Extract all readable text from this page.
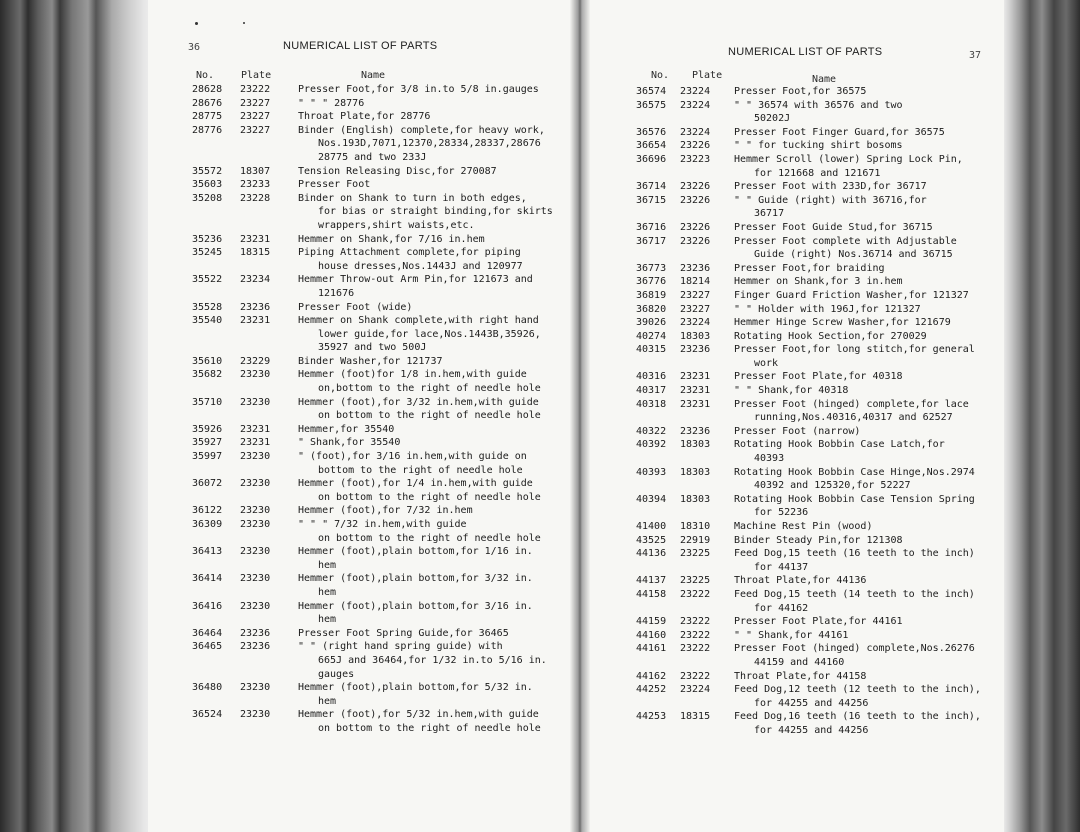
36	NUMERICAL LIST OF PARTS
No.	Plate	Name
28628	23222	Presser Foot,for 3/8 in.to 5/8 in.gauges
28676	23227	" " " 28776
28775	23227	Throat Plate,for 28776
28776	23227	Binder (English) complete,for heavy work,
Nos.193D,7071,12370,28334,28337,28676
28775 and two 233J
35572	18307	Tension Releasing Disc,for 270087
35603	23233	Presser Foot
35208	23228	Binder on Shank to turn in both edges,
for bias or straight binding,for skirts
wrappers,shirt waists,etc.
35236	23231	Hemmer on Shank,for 7/16 in.hem
35245	18315	Piping Attachment complete,for piping
house dresses,Nos.1443J and 120977
35522	23234	Hemmer Throw-out Arm Pin,for 121673 and
121676
35528	23236	Presser Foot (wide)
35540	23231	Hemmer on Shank complete,with right hand
lower guide,for lace,Nos.1443B,35926,
35927 and two 500J
35610	23229	Binder Washer,for 121737
35682	23230	Hemmer (foot)for 1/8 in.hem,with guide
on,bottom to the right of needle hole
35710	23230	Hemmer (foot),for 3/32 in.hem,with guide
on bottom to the right of needle hole
35926	23231	Hemmer,for 35540
35927	23231	" Shank,for 35540
35997	23230	" (foot),for 3/16 in.hem,with guide on
bottom to the right of needle hole
36072	23230	Hemmer (foot),for 1/4 in.hem,with guide
on bottom to the right of needle hole
36122	23230	Hemmer (foot),for 7/32 in.hem
36309	23230	" " " 7/32 in.hem,with guide
on bottom to the right of needle hole
36413	23230	Hemmer (foot),plain bottom,for 1/16 in.
hem
36414	23230	Hemmer (foot),plain bottom,for 3/32 in.
hem
36416	23230	Hemmer (foot),plain bottom,for 3/16 in.
hem
36464	23236	Presser Foot Spring Guide,for 36465
36465	23236	" " (right hand spring guide) with
665J and 36464,for 1/32 in.to 5/16 in.
gauges
36480	23230	Hemmer (foot),plain bottom,for 5/32 in.
hem
36524	23230	Hemmer (foot),for 5/32 in.hem,with guide
on bottom to the right of needle hole
NUMERICAL LIST OF PARTS	37
No. Plate	Name
36574	23224	Presser Foot,for 36575
36575	23224	" " 36574 with 36576 and two
50202J
36576	23224	Presser Foot Finger Guard,for 36575
36654	23226	" " for tucking shirt bosoms
36696	23223	Hemmer Scroll (lower) Spring Lock Pin,
for 121668 and 121671
36714	23226	Presser Foot with 233D,for 36717
36715	23226	" " Guide (right) with 36716,for
36717
36716	23226	Presser Foot Guide Stud,for 36715
36717	23226	Presser Foot complete with Adjustable
Guide (right) Nos.36714 and 36715
36773	23236	Presser Foot,for braiding
36776	18214	Hemmer on Shank,for 3 in.hem
36819	23227	Finger Guard Friction Washer,for 121327
36820	23227	" " Holder with 196J,for 121327
39026	23224	Hemmer Hinge Screw Washer,for 121679
40274	18303	Rotating Hook Section,for 270029
40315	23236	Presser Foot,for long stitch,for general
work
40316	23231	Presser Foot Plate,for 40318
40317	23231	" " Shank,for 40318
40318	23231	Presser Foot (hinged) complete,for lace
running,Nos.40316,40317 and 62527
40322	23236	Presser Foot (narrow)
40392	18303	Rotating Hook Bobbin Case Latch,for
40393
40393	18303	Rotating Hook Bobbin Case Hinge,Nos.2974
40392 and 125320,for 52227
40394	18303	Rotating Hook Bobbin Case Tension Spring
for 52236
41400	18310	Machine Rest Pin (wood)
43525	22919	Binder Steady Pin,for 121308
44136	23225	Feed Dog,15 teeth (16 teeth to the inch)
for 44137
44137	23225	Throat Plate,for 44136
44158	23222	Feed Dog,15 teeth (14 teeth to the inch)
for 44162
44159	23222	Presser Foot Plate,for 44161
44160	23222	" " Shank,for 44161
44161	23222	Presser Foot (hinged) complete,Nos.26276
44159 and 44160
44162	23222	Throat Plate,for 44158
44252	23224	Feed Dog,12 teeth (12 teeth to the inch),
for 44255 and 44256
44253	18315	Feed Dog,16 teeth (16 teeth to the inch),
for 44255 and 44256
